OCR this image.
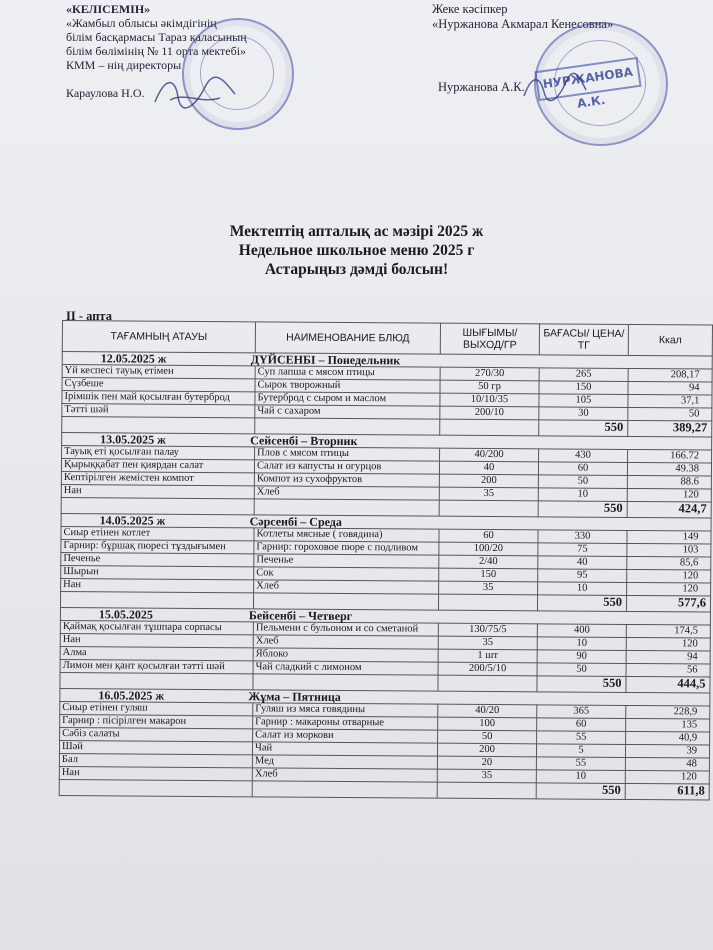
«КЕЛІСЕМІН»
«Жамбыл облысы әкімдігінің
білім басқармасы Тараз қаласының
білім бөлімінің № 11 орта мектебі»
КММ – нің директоры
Караулова Н.О.
Жеке кәсіпкер
«Нуржанова Акмарал Кенесовна»
Нуржанова А.К.	НУРЖАНОВА А.К.
Мектептің апталық ас мәзірі 2025 ж
Недельное школьное меню 2025 г
Астарыңыз дәмді болсын!
II - апта
ТАҒАМНЫҢ АТАУЫ	НАИМЕНОВАНИЕ БЛЮД	ШЫҒЫМЫ/ ВЫХОД/ГР	БАҒАСЫ/ ЦЕНА/ТГ	Ккал
12.05.2025 ж ДҮЙСЕНБІ – Понедельник				
Үй кеспесі тауық етімен	Суп лапша с мясом птицы	270/30	265	208,17
Сүзбеше	Сырок творожный	50 гр	150	94
Ірімшік пен май қосылған бутерброд	Бутерброд с сыром и маслом	10/10/35	105	37,1
Тәтті шәй	Чай с сахаром	200/10	30	50
			550	389,27
13.05.2025 ж Сейсенбі – Вторник				
Тауық еті қосылған палау	Плов с мясом птицы	40/200	430	166.72
Қырыққабат пен қиярдан салат	Салат из капусты и огурцов	40	60	49.38
Кептірілген жемістен компот	Компот из сухофруктов	200	50	88.6
Нан	Хлеб	35	10	120
			550	424,7
14.05.2025 ж Сәрсенбі – Среда				
Сиыр етінен котлет	Котлеты мясные ( говядина)	60	330	149
Гарнир: бұршақ пюресі тұздығымен	Гарнир: гороховое пюре с подливом	100/20	75	103
Печенье	Печенье	2/40	40	85,6
Шырын	Сок	150	95	120
Нан	Хлеб	35	10	120
			550	577,6
15.05.2025 Бейсенбі – Четверг				
Қаймақ қосылған тұшпара сорпасы	Пельмени с бульоном и со сметаной	130/75/5	400	174,5
Нан	Хлеб	35	10	120
Алма	Яблоко	1 шт	90	94
Лимон мен қант қосылған тәтті шәй	Чай сладкий с лимоном	200/5/10	50	56
			550	444,5
16.05.2025 ж Жұма – Пятница				
Сиыр етінен гуляш	Гуляш из мяса говядины	40/20	365	228,9
Гарнир : пісірілген макарон	Гарнир : макароны отварные	100	60	135
Сәбіз салаты	Салат из моркови	50	55	40,9
Шәй	Чай	200	5	39
Бал	Мед	20	55	48
Нан	Хлеб	35	10	120
			550	611,8
